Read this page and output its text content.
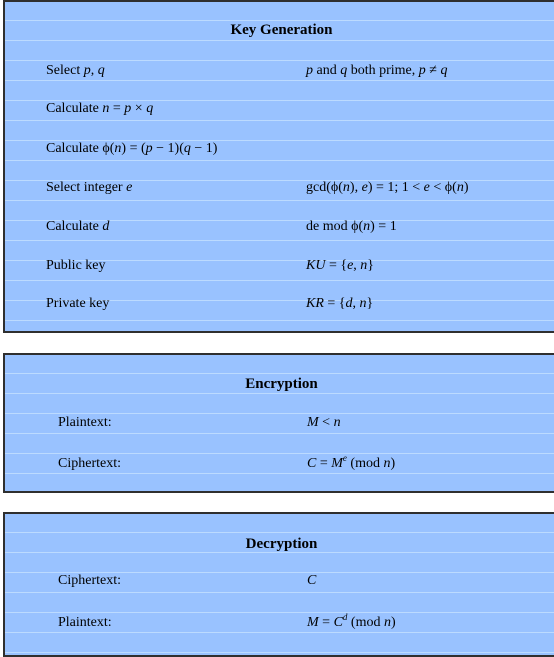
Key Generation
Select p, q	p and q both prime, p ≠ q
Calculate n = p × q
Calculate ϕ(n) = (p − 1)(q − 1)
Select integer e	gcd(ϕ(n), e) = 1; 1 < e < ϕ(n)
Calculate d	de mod ϕ(n) = 1
Public key	KU = {e, n}
Private key	KR = {d, n}
Encryption
Plaintext:	M < n
Ciphertext:	$C = M^e$ (mod n)
Decryption
Ciphertext:	C
Plaintext:	$M = C^d$ (mod n)
